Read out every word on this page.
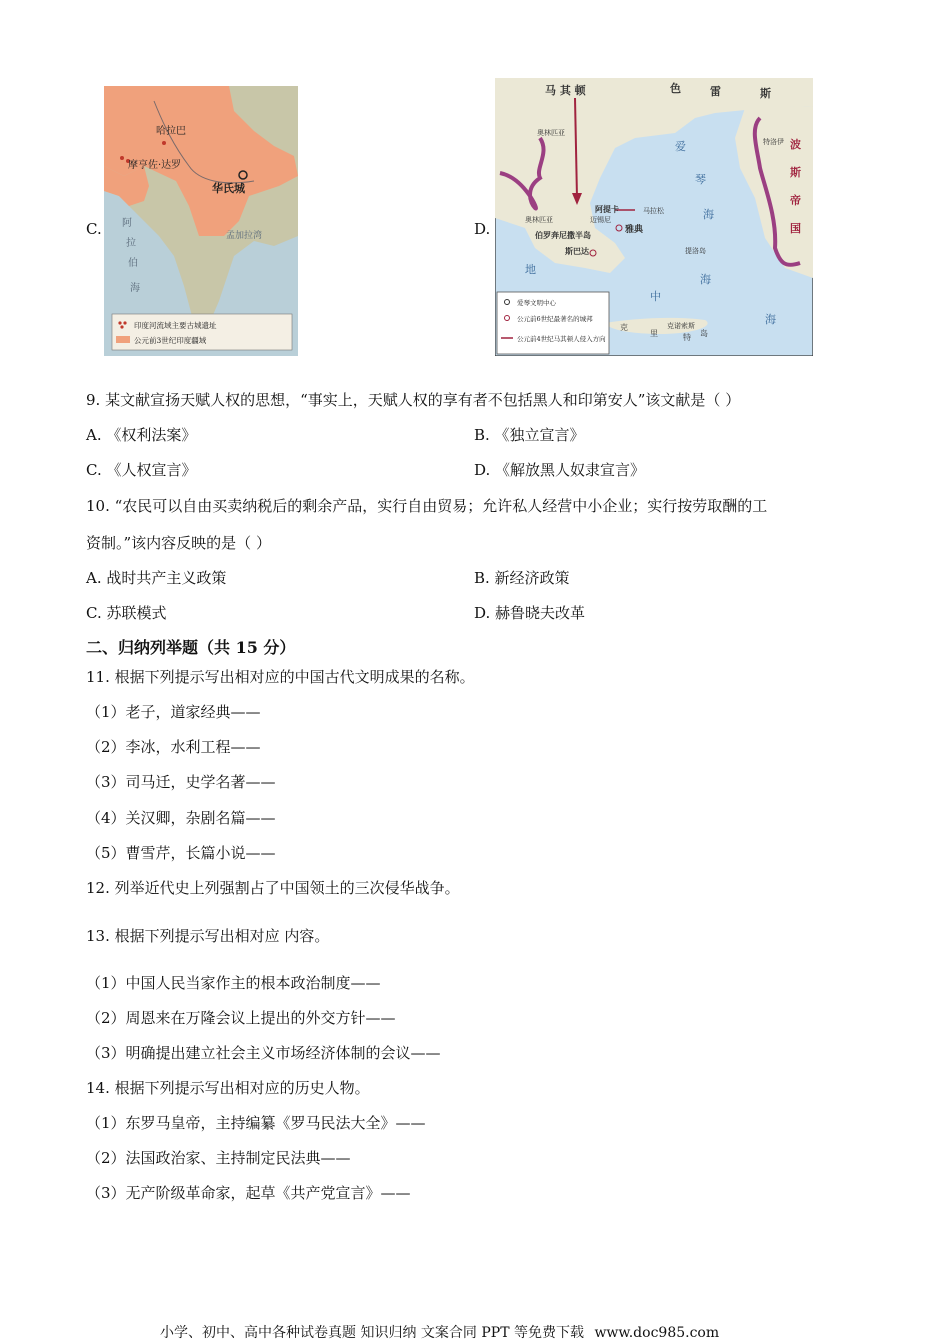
C.
哈拉巴
摩亨佐·达罗
华氏城
阿
拉
伯
海
孟加拉湾
印度河流域主要古城遗址
公元前3世纪印度疆域
D.
马 其 顿	色	雷	斯
奥林匹亚
特洛伊
爱
琴
海
波
斯
帝
国
阿提卡	马拉松
雅典
奥林匹亚	迈锡尼
伯罗奔尼撒半岛
斯巴达	提洛岛
地
中
海
海
克诺索斯
克
里	特 岛
爱琴文明中心
公元前6世纪最著名的城邦
公元前4世纪马其顿人侵入方向
9. 某文献宣扬天赋人权的思想，“事实上，天赋人权的享有者不包括黑人和印第安人”该文献是（ ）
A. 《权利法案》	B. 《独立宣言》
C. 《人权宣言》	D. 《解放黑人奴隶宣言》
10. “农民可以自由买卖纳税后的剩余产品，实行自由贸易；允许私人经营中小企业；实行按劳取酬的工
资制。”该内容反映的是（ ）
A. 战时共产主义政策	B. 新经济政策
C. 苏联模式	D. 赫鲁晓夫改革
二、归纳列举题（共 15 分）
11. 根据下列提示写出相对应的中国古代文明成果的名称。
（1）老子，道家经典——
（2）李冰，水利工程——
（3）司马迁，史学名著——
（4）关汉卿，杂剧名篇——
（5）曹雪芹，长篇小说——
12. 列举近代史上列强割占了中国领土的三次侵华战争。
13. 根据下列提示写出相对应 内容。
（1）中国人民当家作主的根本政治制度——
（2）周恩来在万隆会议上提出的外交方针——
（3）明确提出建立社会主义市场经济体制的会议——
14. 根据下列提示写出相对应的历史人物。
（1）东罗马皇帝，主持编纂《罗马民法大全》——
（2）法国政治家、主持制定民法典——
（3）无产阶级革命家，起草《共产党宣言》——
小学、初中、高中各种试卷真题 知识归纳 文案合同 PPT 等免费下载 www.doc985.com
